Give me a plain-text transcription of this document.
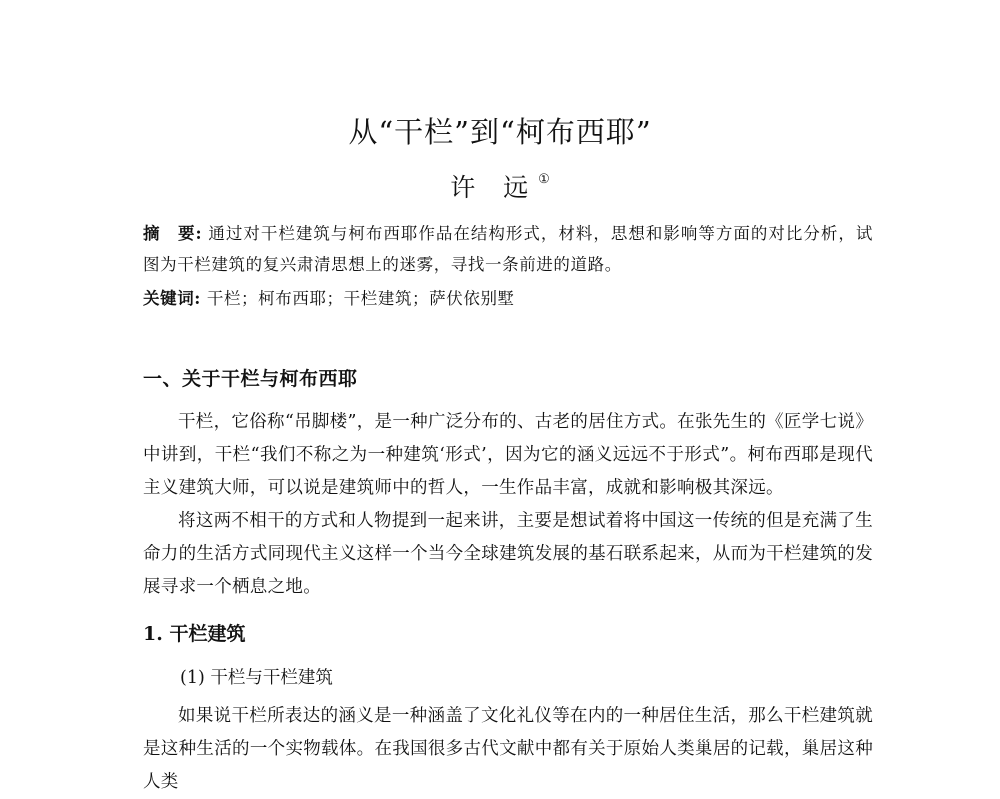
从“干栏”到“柯布西耶”
许 远①
摘　要: 通过对干栏建筑与柯布西耶作品在结构形式，材料，思想和影响等方面的对比分析，试图为干栏建筑的复兴肃清思想上的迷雾，寻找一条前进的道路。
关键词: 干栏；柯布西耶；干栏建筑；萨伏依别墅
一、关于干栏与柯布西耶
干栏，它俗称“吊脚楼”，是一种广泛分布的、古老的居住方式。在张先生的《匠学七说》中讲到，干栏“我们不称之为一种建筑‘形式’，因为它的涵义远远不于形式”。柯布西耶是现代主义建筑大师，可以说是建筑师中的哲人，一生作品丰富，成就和影响极其深远。
将这两不相干的方式和人物提到一起来讲，主要是想试着将中国这一传统的但是充满了生命力的生活方式同现代主义这样一个当今全球建筑发展的基石联系起来，从而为干栏建筑的发展寻求一个栖息之地。
1. 干栏建筑
(1) 干栏与干栏建筑
如果说干栏所表达的涵义是一种涵盖了文化礼仪等在内的一种居住生活，那么干栏建筑就是这种生活的一个实物载体。在我国很多古代文献中都有关于原始人类巢居的记载，巢居这种人类
